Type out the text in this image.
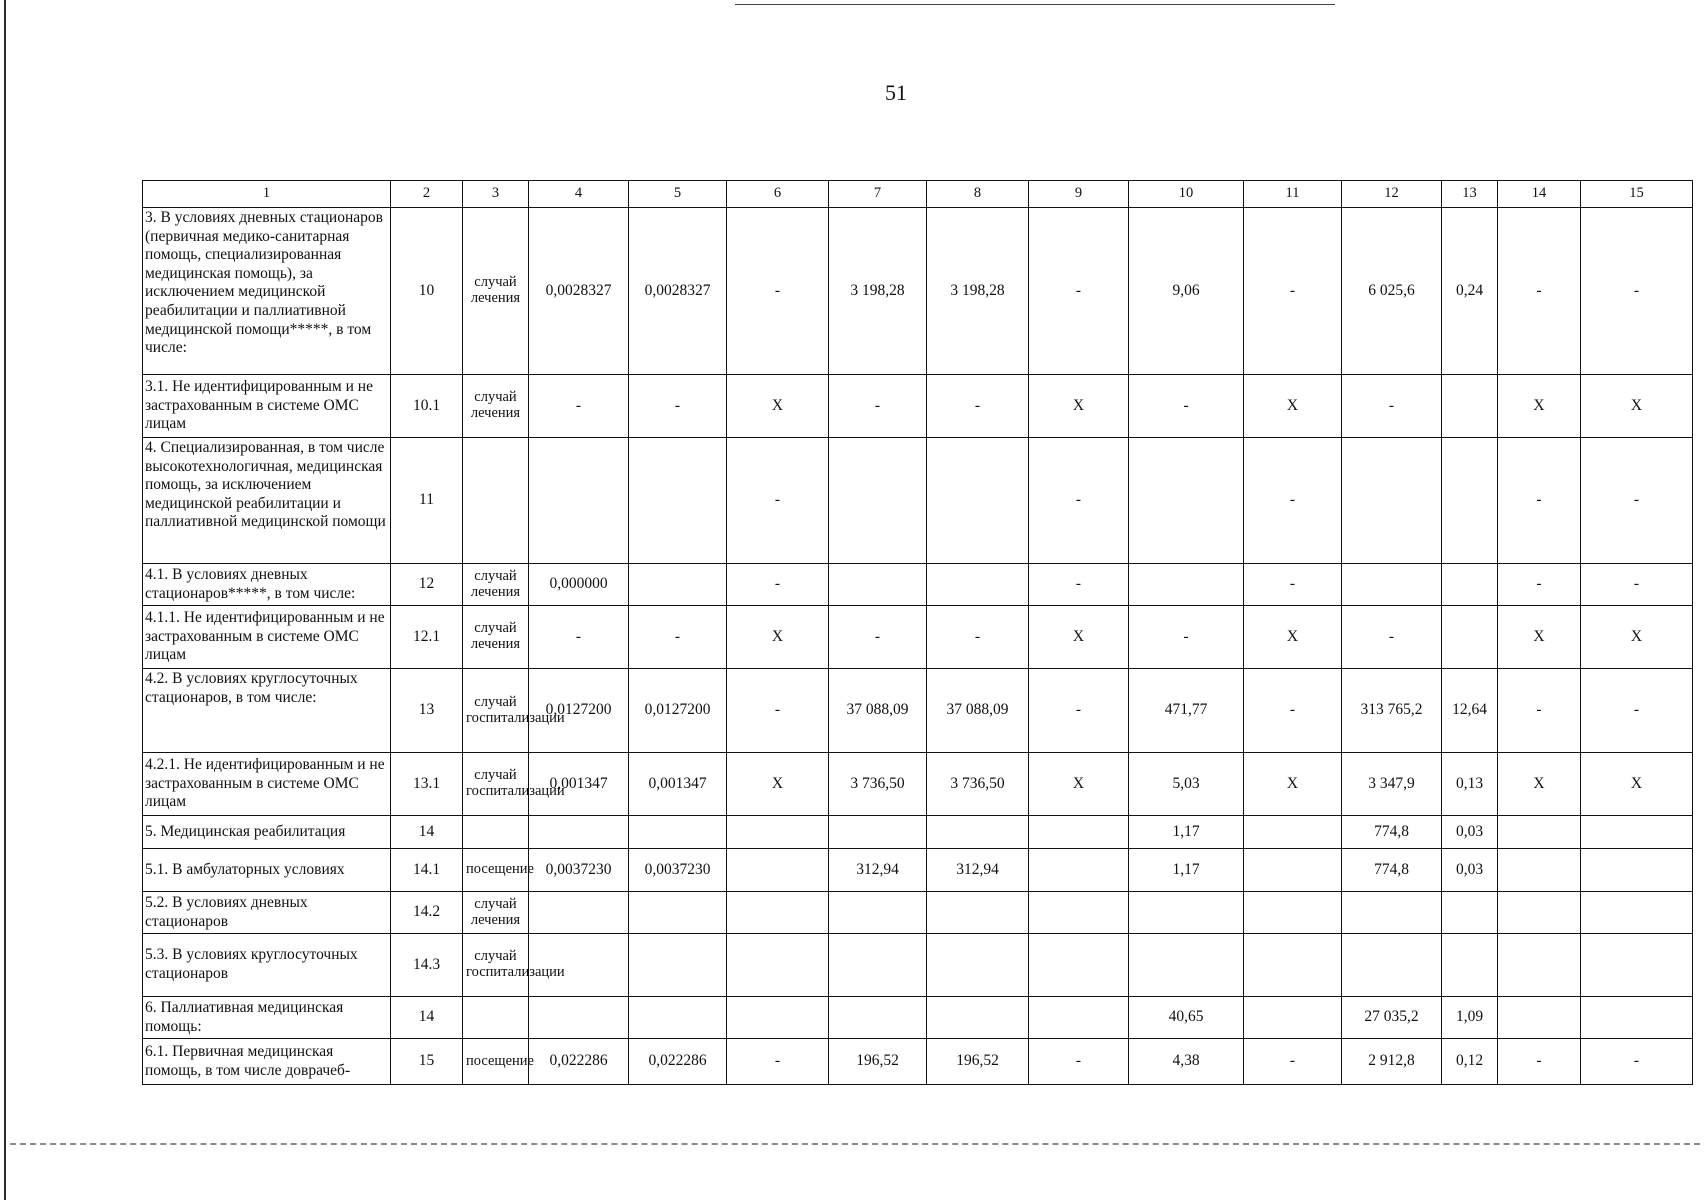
51
1	2	3	4	5	6	7	8	9	10	11	12	13	14	15
3. В условиях дневных стационаров (первичная медико-санитарная помощь, специализированная медицинская помощь), за исключением медицинской реабилитации и паллиативной медицинской помощи*****, в том числе:	10	случай лечения	0,0028327	0,0028327	-	3 198,28	3 198,28	-	9,06	-	6 025,6	0,24	-	-
3.1. Не идентифицированным и не застрахованным в системе ОМС лицам	10.1	случай лечения	-	-	Х	-	-	Х	-	Х	-		Х	Х
4. Специализированная, в том числе высокотехнологичная, медицинская помощь, за исключением медицинской реабилитации и паллиативной медицинской помощи	11				-			-		-			-	-
4.1. В условиях дневных стационаров*****, в том числе:	12	случай лечения	0,000000		-			-		-			-	-
4.1.1. Не идентифицированным и не застрахованным в системе ОМС лицам	12.1	случай лечения	-	-	Х	-	-	Х	-	Х	-		Х	Х
4.2. В условиях круглосуточных стационаров, в том числе:	13	случай госпитализации	0,0127200	0,0127200	-	37 088,09	37 088,09	-	471,77	-	313 765,2	12,64	-	-
4.2.1. Не идентифицированным и не застрахованным в системе ОМС лицам	13.1	случай госпитализации	0,001347	0,001347	Х	3 736,50	3 736,50	Х	5,03	Х	3 347,9	0,13	Х	Х
5. Медицинская реабилитация	14								1,17		774,8	0,03		
5.1. В амбулаторных условиях	14.1	посещение	0,0037230	0,0037230		312,94	312,94		1,17		774,8	0,03		
5.2. В условиях дневных стационаров	14.2	случай лечения												
5.3. В условиях круглосуточных стационаров	14.3	случай госпитализации												
6. Паллиативная медицинская помощь:	14								40,65		27 035,2	1,09		
6.1. Первичная медицинская помощь, в том числе доврачеб-	15	посещение	0,022286	0,022286	-	196,52	196,52	-	4,38	-	2 912,8	0,12	-	-
